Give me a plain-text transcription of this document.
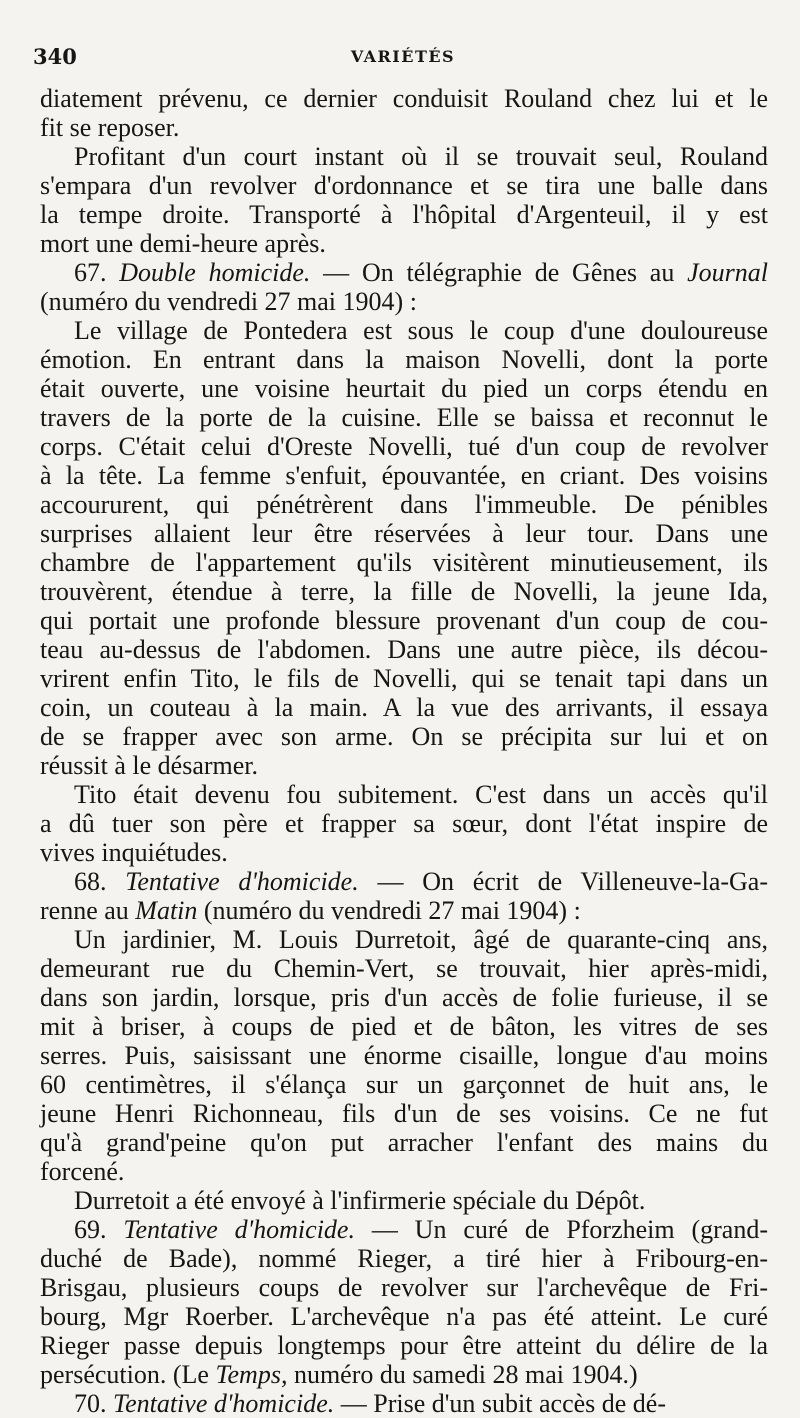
340	VARIÉTÉS
diatement prévenu, ce dernier conduisit Rouland chez lui et le
fit se reposer.
Profitant d'un court instant où il se trouvait seul, Rouland
s'empara d'un revolver d'ordonnance et se tira une balle dans
la tempe droite. Transporté à l'hôpital d'Argenteuil, il y est
mort une demi-heure après.
67. Double homicide. — On télégraphie de Gênes au Journal
(numéro du vendredi 27 mai 1904) :
Le village de Pontedera est sous le coup d'une douloureuse
émotion. En entrant dans la maison Novelli, dont la porte
était ouverte, une voisine heurtait du pied un corps étendu en
travers de la porte de la cuisine. Elle se baissa et reconnut le
corps. C'était celui d'Oreste Novelli, tué d'un coup de revolver
à la tête. La femme s'enfuit, épouvantée, en criant. Des voisins
accoururent, qui pénétrèrent dans l'immeuble. De pénibles
surprises allaient leur être réservées à leur tour. Dans une
chambre de l'appartement qu'ils visitèrent minutieusement, ils
trouvèrent, étendue à terre, la fille de Novelli, la jeune Ida,
qui portait une profonde blessure provenant d'un coup de cou-
teau au-dessus de l'abdomen. Dans une autre pièce, ils décou-
vrirent enfin Tito, le fils de Novelli, qui se tenait tapi dans un
coin, un couteau à la main. A la vue des arrivants, il essaya
de se frapper avec son arme. On se précipita sur lui et on
réussit à le désarmer.
Tito était devenu fou subitement. C'est dans un accès qu'il
a dû tuer son père et frapper sa sœur, dont l'état inspire de
vives inquiétudes.
68. Tentative d'homicide. — On écrit de Villeneuve-la-Ga-
renne au Matin (numéro du vendredi 27 mai 1904) :
Un jardinier, M. Louis Durretoit, âgé de quarante-cinq ans,
demeurant rue du Chemin-Vert, se trouvait, hier après-midi,
dans son jardin, lorsque, pris d'un accès de folie furieuse, il se
mit à briser, à coups de pied et de bâton, les vitres de ses
serres. Puis, saisissant une énorme cisaille, longue d'au moins
60 centimètres, il s'élança sur un garçonnet de huit ans, le
jeune Henri Richonneau, fils d'un de ses voisins. Ce ne fut
qu'à grand'peine qu'on put arracher l'enfant des mains du
forcené.
Durretoit a été envoyé à l'infirmerie spéciale du Dépôt.
69. Tentative d'homicide. — Un curé de Pforzheim (grand-
duché de Bade), nommé Rieger, a tiré hier à Fribourg-en-
Brisgau, plusieurs coups de revolver sur l'archevêque de Fri-
bourg, Mgr Roerber. L'archevêque n'a pas été atteint. Le curé
Rieger passe depuis longtemps pour être atteint du délire de la
persécution. (Le Temps, numéro du samedi 28 mai 1904.)
70. Tentative d'homicide. — Prise d'un subit accès de dé-
